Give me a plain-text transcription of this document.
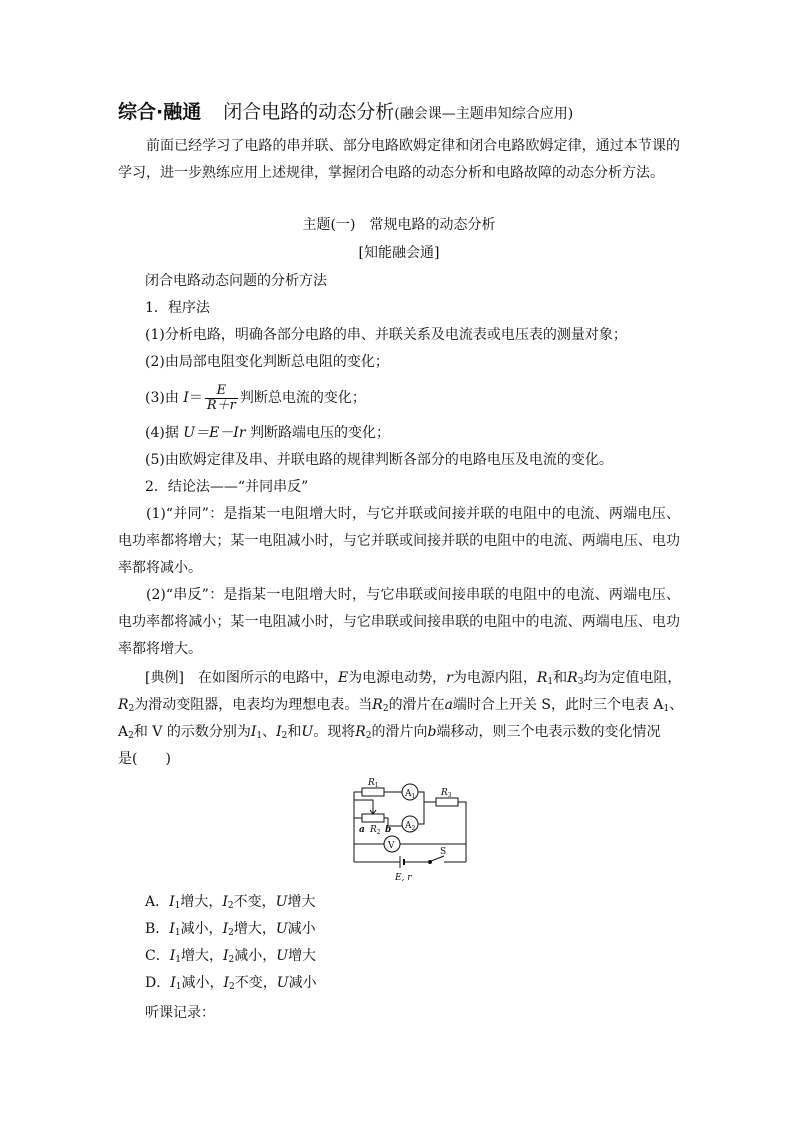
综合·融通 闭合电路的动态分析(融会课—主题串知综合应用)
前面已经学习了电路的串并联、部分电路欧姆定律和闭合电路欧姆定律，通过本节课的学习，进一步熟练应用上述规律，掌握闭合电路的动态分析和电路故障的动态分析方法。
主题(一)　常规电路的动态分析
[知能融会通]
闭合电路动态问题的分析方法
1．程序法
(1)分析电路，明确各部分电路的串、并联关系及电流表或电压表的测量对象；
(2)由局部电阻变化判断总电阻的变化；
(3)由 $I= \frac{E}{R+r}$ 判断总电流的变化；
(4)据 U＝E－Ir 判断路端电压的变化；
(5)由欧姆定律及串、并联电路的规律判断各部分的电路电压及电流的变化。
2．结论法——“并同串反”
(1)“并同”：是指某一电阻增大时，与它并联或间接并联的电阻中的电流、两端电压、电功率都将增大；某一电阻减小时，与它并联或间接并联的电阻中的电流、两端电压、电功率都将减小。
(2)“串反”：是指某一电阻增大时，与它串联或间接串联的电阻中的电流、两端电压、电功率都将减小；某一电阻减小时，与它串联或间接串联的电阻中的电流、两端电压、电功率都将增大。
[典例]　在如图所示的电路中，E为电源电动势，r为电源内阻，$R_1$和$R_3$均为定值电阻，
$R_2$为滑动变阻器，电表均为理想电表。当$R_2$的滑片在a端时合上开关 S，此时三个电表 $A_1$、
$A_2$和 V 的示数分别为$I_1$、$I_2$和U。现将$R_2$的滑片向b端移动，则三个电表示数的变化情况
是(　　)
$R_1$
$R_3$
$R_2$
a b
$A_1$
$A_2$
V
S
E, r
A．$I_1$增大，$I_2$不变，U增大
B．$I_1$减小，$I_2$增大，U减小
C．$I_1$增大，$I_2$减小，U增大
D．$I_1$减小，$I_2$不变，U减小
听课记录：
